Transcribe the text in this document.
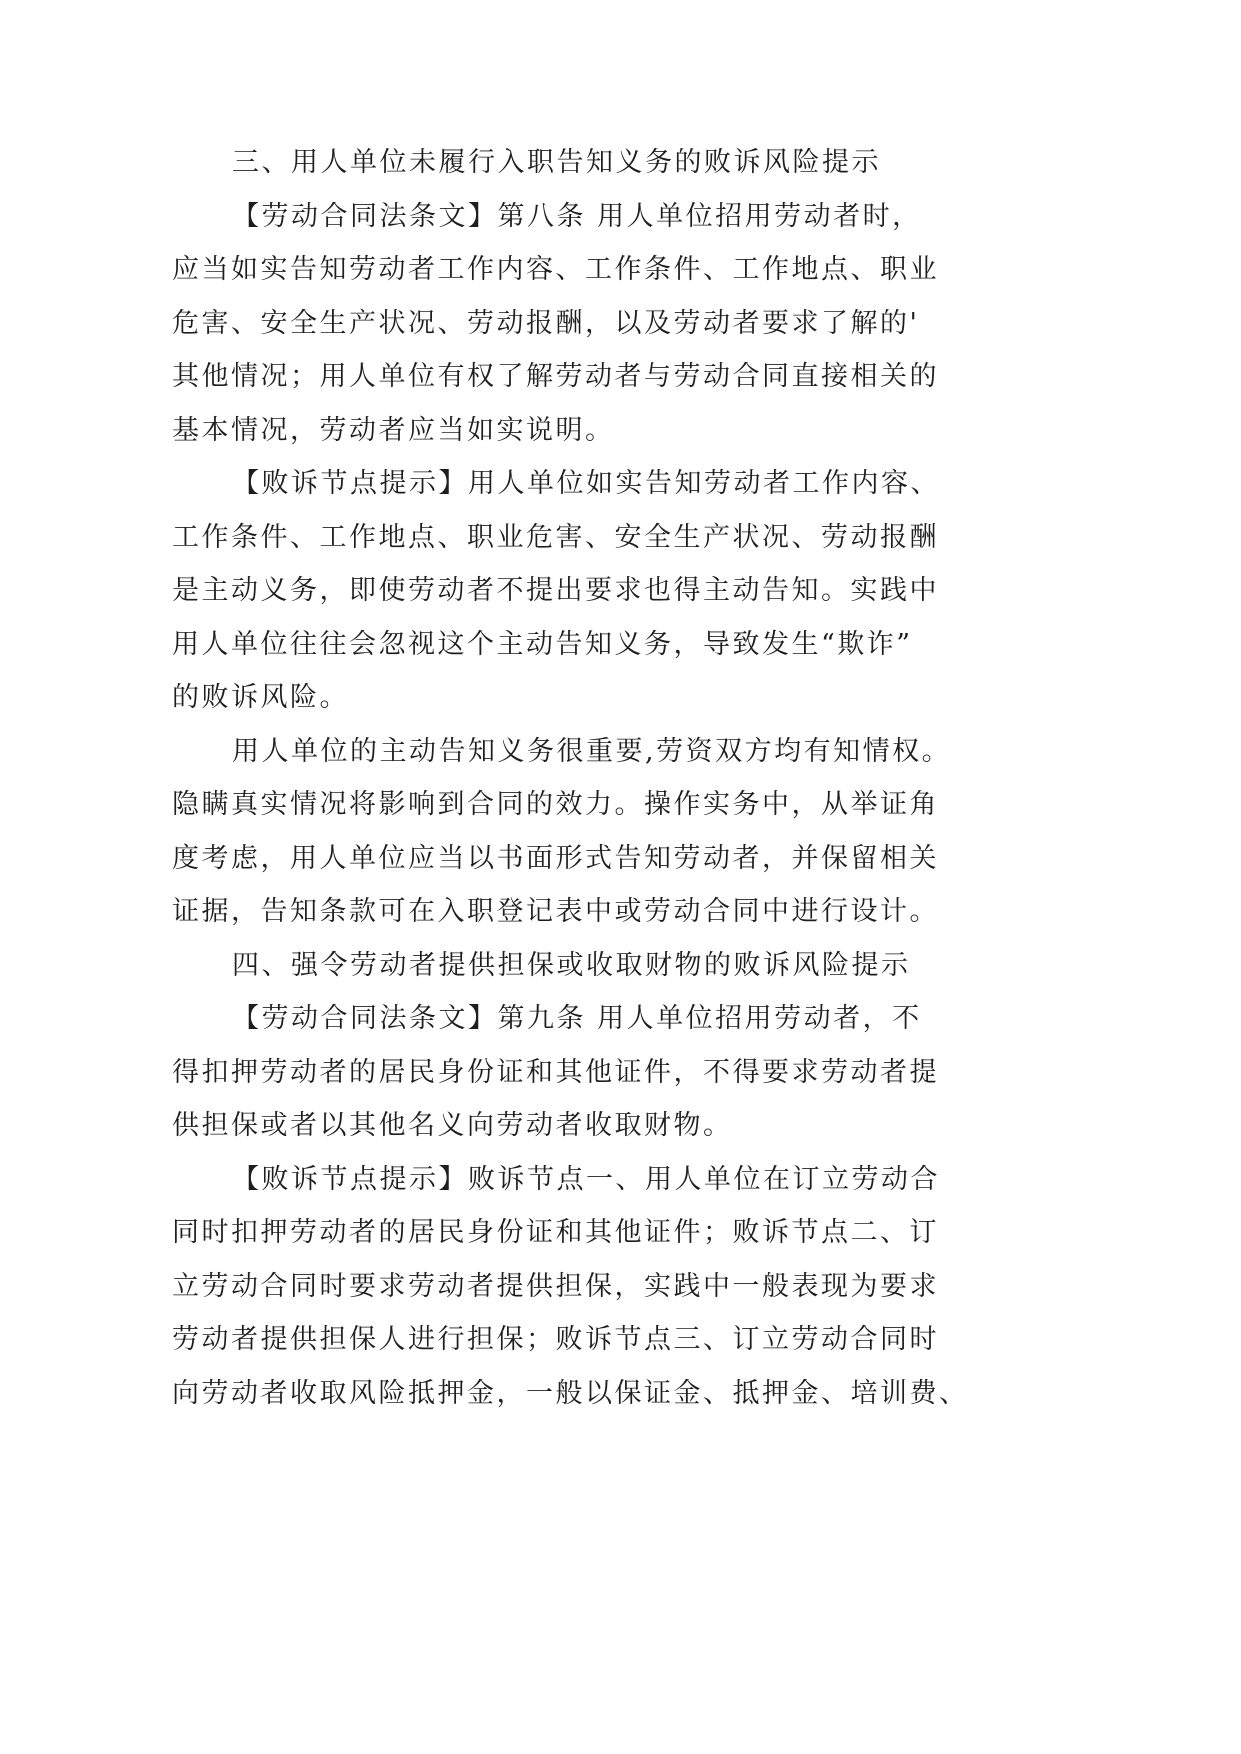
三、用人单位未履行入职告知义务的败诉风险提示
【劳动合同法条文】第八条 用人单位招用劳动者时，
应当如实告知劳动者工作内容、工作条件、工作地点、职业
危害、安全生产状况、劳动报酬，以及劳动者要求了解的'
其他情况；用人单位有权了解劳动者与劳动合同直接相关的
基本情况，劳动者应当如实说明。
【败诉节点提示】用人单位如实告知劳动者工作内容、
工作条件、工作地点、职业危害、安全生产状况、劳动报酬
是主动义务，即使劳动者不提出要求也得主动告知。实践中
用人单位往往会忽视这个主动告知义务，导致发生“欺诈”
的败诉风险。
用人单位的主动告知义务很重要,劳资双方均有知情权。
隐瞒真实情况将影响到合同的效力。操作实务中，从举证角
度考虑，用人单位应当以书面形式告知劳动者，并保留相关
证据，告知条款可在入职登记表中或劳动合同中进行设计。
四、强令劳动者提供担保或收取财物的败诉风险提示
【劳动合同法条文】第九条 用人单位招用劳动者，不
得扣押劳动者的居民身份证和其他证件，不得要求劳动者提
供担保或者以其他名义向劳动者收取财物。
【败诉节点提示】败诉节点一、用人单位在订立劳动合
同时扣押劳动者的居民身份证和其他证件；败诉节点二、订
立劳动合同时要求劳动者提供担保，实践中一般表现为要求
劳动者提供担保人进行担保；败诉节点三、订立劳动合同时
向劳动者收取风险抵押金，一般以保证金、抵押金、培训费、
